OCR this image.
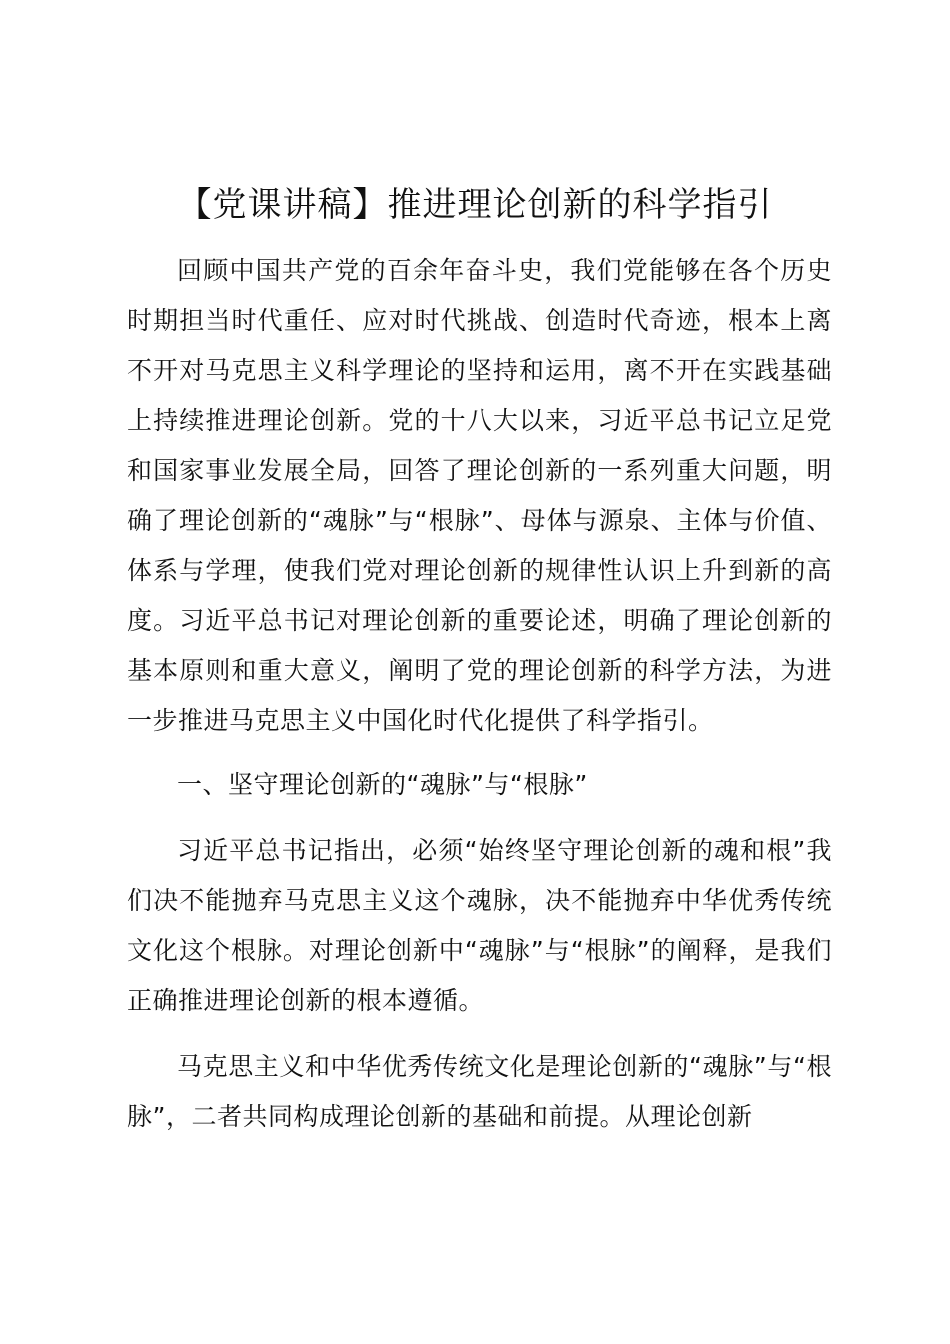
【党课讲稿】推进理论创新的科学指引

回顾中国共产党的百余年奋斗史，我们党能够在各个历史时期担当时代重任、应对时代挑战、创造时代奇迹，根本上离不开对马克思主义科学理论的坚持和运用，离不开在实践基础上持续推进理论创新。党的十八大以来，习近平总书记立足党和国家事业发展全局，回答了理论创新的一系列重大问题，明确了理论创新的“魂脉”与“根脉”、母体与源泉、主体与价值、体系与学理，使我们党对理论创新的规律性认识上升到新的高度。习近平总书记对理论创新的重要论述，明确了理论创新的基本原则和重大意义，阐明了党的理论创新的科学方法，为进一步推进马克思主义中国化时代化提供了科学指引。

一、坚守理论创新的“魂脉”与“根脉”

习近平总书记指出，必须“始终坚守理论创新的魂和根”我们决不能抛弃马克思主义这个魂脉，决不能抛弃中华优秀传统文化这个根脉。对理论创新中“魂脉”与“根脉”的阐释，是我们正确推进理论创新的根本遵循。

马克思主义和中华优秀传统文化是理论创新的“魂脉”与“根脉”，二者共同构成理论创新的基础和前提。从理论创新
